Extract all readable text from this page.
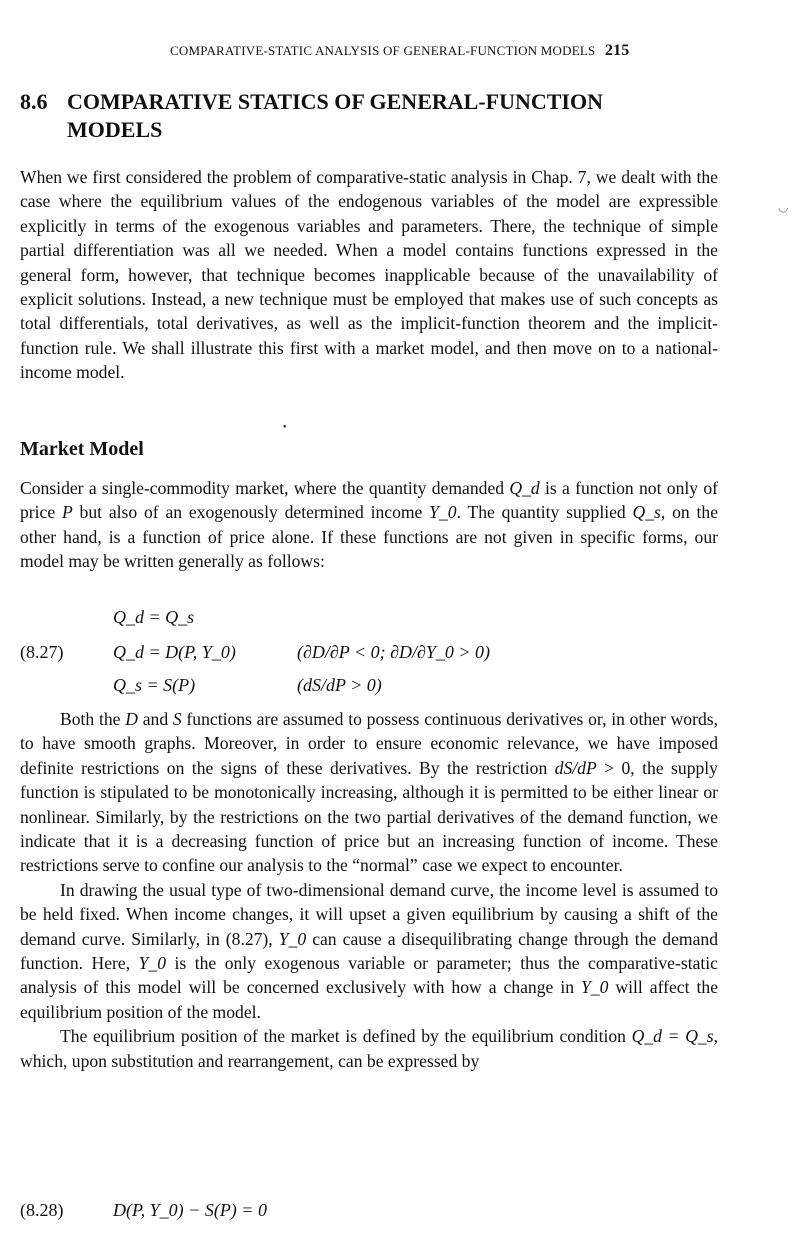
COMPARATIVE-STATIC ANALYSIS OF GENERAL-FUNCTION MODELS 215
8.6 COMPARATIVE STATICS OF GENERAL-FUNCTION MODELS
◡

When we first considered the problem of comparative-static analysis in Chap. 7, we dealt with the case where the equilibrium values of the endogenous variables of the model are expressible explicitly in terms of the exogenous variables and parameters. There, the technique of simple partial differentiation was all we needed. When a model contains functions expressed in the general form, however, that technique becomes inapplicable because of the unavailability of explicit solutions. Instead, a new technique must be employed that makes use of such concepts as total differentials, total derivatives, as well as the implicit-function theorem and the implicit-function rule. We shall illustrate this first with a market model, and then move on to a national-income model.

•
Market Model

Consider a single-commodity market, where the quantity demanded Q_d is a function not only of price P but also of an exogenously determined income Y_0. The quantity supplied Q_s, on the other hand, is a function of price alone. If these functions are not given in specific forms, our model may be written generally as follows:

Q_d = Q_s
(8.27)	Q_d = D(P, Y_0)	(∂D/∂P < 0; ∂D/∂Y_0 > 0)
Q_s = S(P)	(dS/dP > 0)

Both the D and S functions are assumed to possess continuous derivatives or, in other words, to have smooth graphs. Moreover, in order to ensure economic relevance, we have imposed definite restrictions on the signs of these derivatives. By the restriction dS/dP > 0, the supply function is stipulated to be monotonically increasing, although it is permitted to be either linear or nonlinear. Similarly, by the restrictions on the two partial derivatives of the demand function, we indicate that it is a decreasing function of price but an increasing function of income. These restrictions serve to confine our analysis to the “normal” case we expect to encounter.

In drawing the usual type of two-dimensional demand curve, the income level is assumed to be held fixed. When income changes, it will upset a given equilibrium by causing a shift of the demand curve. Similarly, in (8.27), Y_0 can cause a disequilibrating change through the demand function. Here, Y_0 is the only exogenous variable or parameter; thus the comparative-static analysis of this model will be concerned exclusively with how a change in Y_0 will affect the equilibrium position of the model.

The equilibrium position of the market is defined by the equilibrium condition Q_d = Q_s, which, upon substitution and rearrangement, can be expressed by

(8.28)	D(P, Y_0) − S(P) = 0
